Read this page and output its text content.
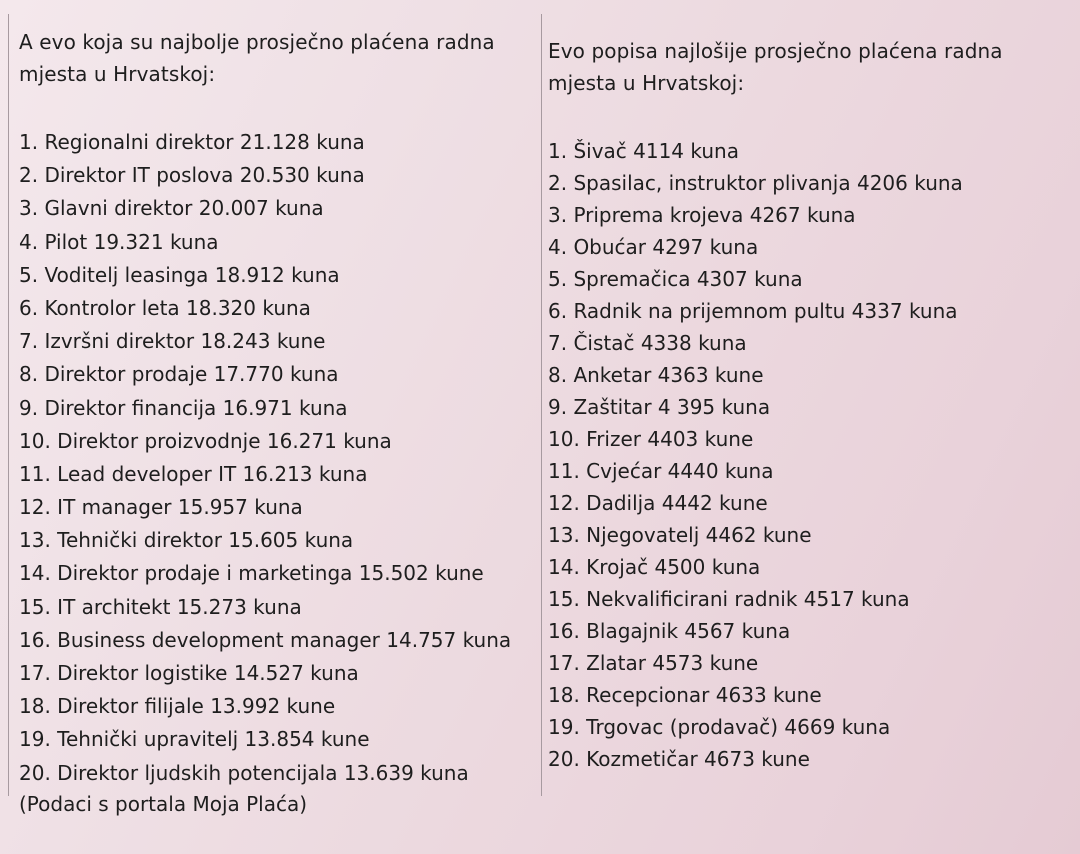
A evo koja su najbolje prosječno plaćena radna mjesta u Hrvatskoj:

1. Regionalni direktor 21.128 kuna
2. Direktor IT poslova 20.530 kuna
3. Glavni direktor 20.007 kuna
4. Pilot 19.321 kuna
5. Voditelj leasinga 18.912 kuna
6. Kontrolor leta 18.320 kuna
7. Izvršni direktor 18.243 kune
8. Direktor prodaje 17.770 kuna
9. Direktor financija 16.971 kuna
10. Direktor proizvodnje 16.271 kuna
11. Lead developer IT 16.213 kuna
12. IT manager 15.957 kuna
13. Tehnički direktor 15.605 kuna
14. Direktor prodaje i marketinga 15.502 kune
15. IT architekt 15.273 kuna
16. Business development manager 14.757 kuna
17. Direktor logistike 14.527 kuna
18. Direktor filijale 13.992 kune
19. Tehnički upravitelj 13.854 kune
20. Direktor ljudskih potencijala 13.639 kuna

(Podaci s portala Moja Plaća)

Evo popisa najlošije prosječno plaćena radna mjesta u Hrvatskoj:

1. Šivač 4114 kuna
2. Spasilac, instruktor plivanja 4206 kuna
3. Priprema krojeva 4267 kuna
4. Obućar 4297 kuna
5. Spremačica 4307 kuna
6. Radnik na prijemnom pultu 4337 kuna
7. Čistač 4338 kuna
8. Anketar 4363 kune
9. Zaštitar 4 395 kuna
10. Frizer 4403 kune
11. Cvjećar 4440 kuna
12. Dadilja 4442 kune
13. Njegovatelj 4462 kune
14. Krojač 4500 kuna
15. Nekvalificirani radnik 4517 kuna
16. Blagajnik 4567 kuna
17. Zlatar 4573 kune
18. Recepcionar 4633 kune
19. Trgovac (prodavač) 4669 kuna
20. Kozmetičar 4673 kune
